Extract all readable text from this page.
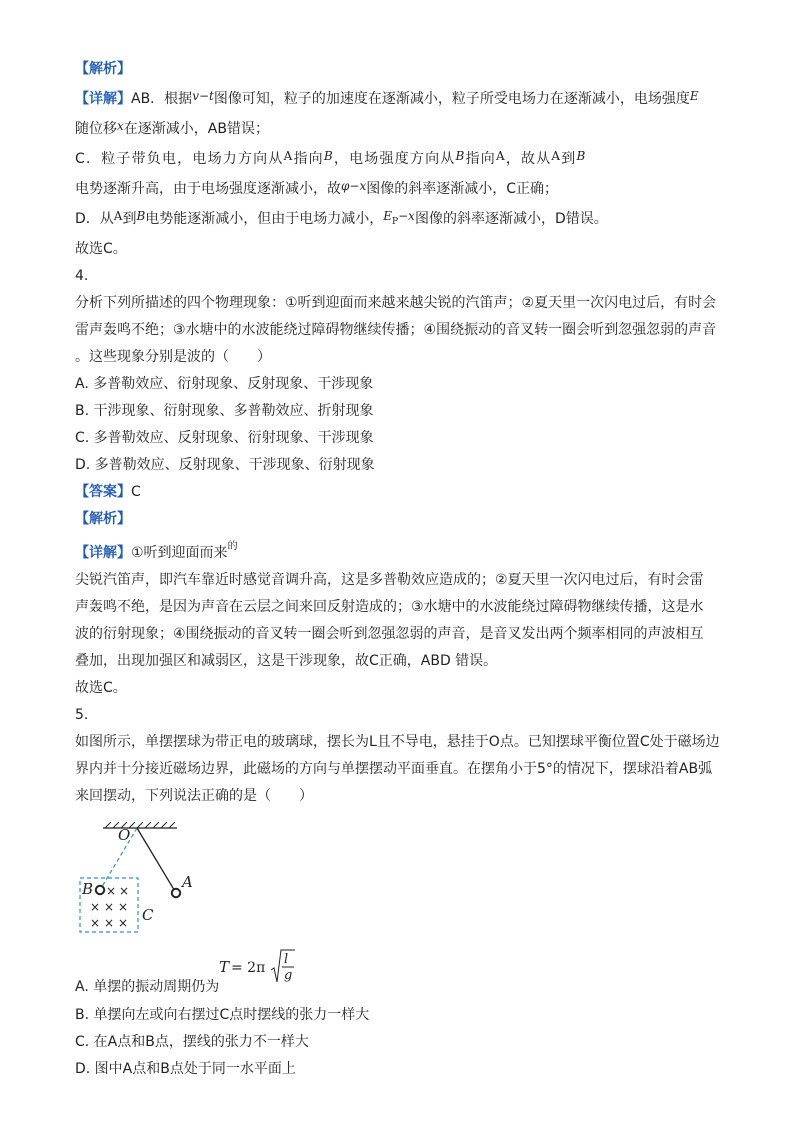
【解析】
【详解】AB．根据v−t图像可知，粒子的加速度在逐渐减小，粒子所受电场力在逐渐减小，电场强度E
随位移x在逐渐减小，AB错误；
C．粒子带负电，电场力方向从A指向B，电场强度方向从B指向A，故从A到B
电势逐渐升高，由于电场强度逐渐减小，故φ−x图像的斜率逐渐减小，C正确；
D．从A到B电势能逐渐减小，但由于电场力减小，EP−x图像的斜率逐渐减小，D错误。
故选C。
4.
分析下列所描述的四个物理现象：①听到迎面而来越来越尖锐的汽笛声；②夏天里一次闪电过后，有时会
雷声轰鸣不绝；③水塘中的水波能绕过障碍物继续传播；④围绕振动的音叉转一圈会听到忽强忽弱的声音
。这些现象分别是波的（　　）
A. 多普勒效应、衍射现象、反射现象、干涉现象
B. 干涉现象、衍射现象、多普勒效应、折射现象
C. 多普勒效应、反射现象、衍射现象、干涉现象
D. 多普勒效应、反射现象、干涉现象、衍射现象
【答案】C
【解析】
【详解】①听到迎面而来$^的$
尖锐汽笛声，即汽车靠近时感觉音调升高，这是多普勒效应造成的；②夏天里一次闪电过后，有时会雷
声轰鸣不绝，是因为声音在云层之间来回反射造成的；③水塘中的水波能绕过障碍物继续传播，这是水
波的衍射现象；④围绕振动的音叉转一圈会听到忽强忽弱的声音，是音叉发出两个频率相同的声波相互
叠加，出现加强区和减弱区，这是干涉现象，故C正确，ABD 错误。
故选C。
5.
如图所示，单摆摆球为带正电的玻璃球，摆长为L且不导电，悬挂于O点。已知摆球平衡位置C处于磁场边
界内并十分接近磁场边界，此磁场的方向与单摆摆动平面垂直。在摆角小于5°的情况下，摆球沿着AB弧
来回摆动，下列说法正确的是（　　）
× ×
× × ×
× × ×
O
A
B
C
T = 2π
l
g
A. 单摆的振动周期仍为
B. 单摆向左或向右摆过C点时摆线的张力一样大
C. 在A点和B点，摆线的张力不一样大
D. 图中A点和B点处于同一水平面上
